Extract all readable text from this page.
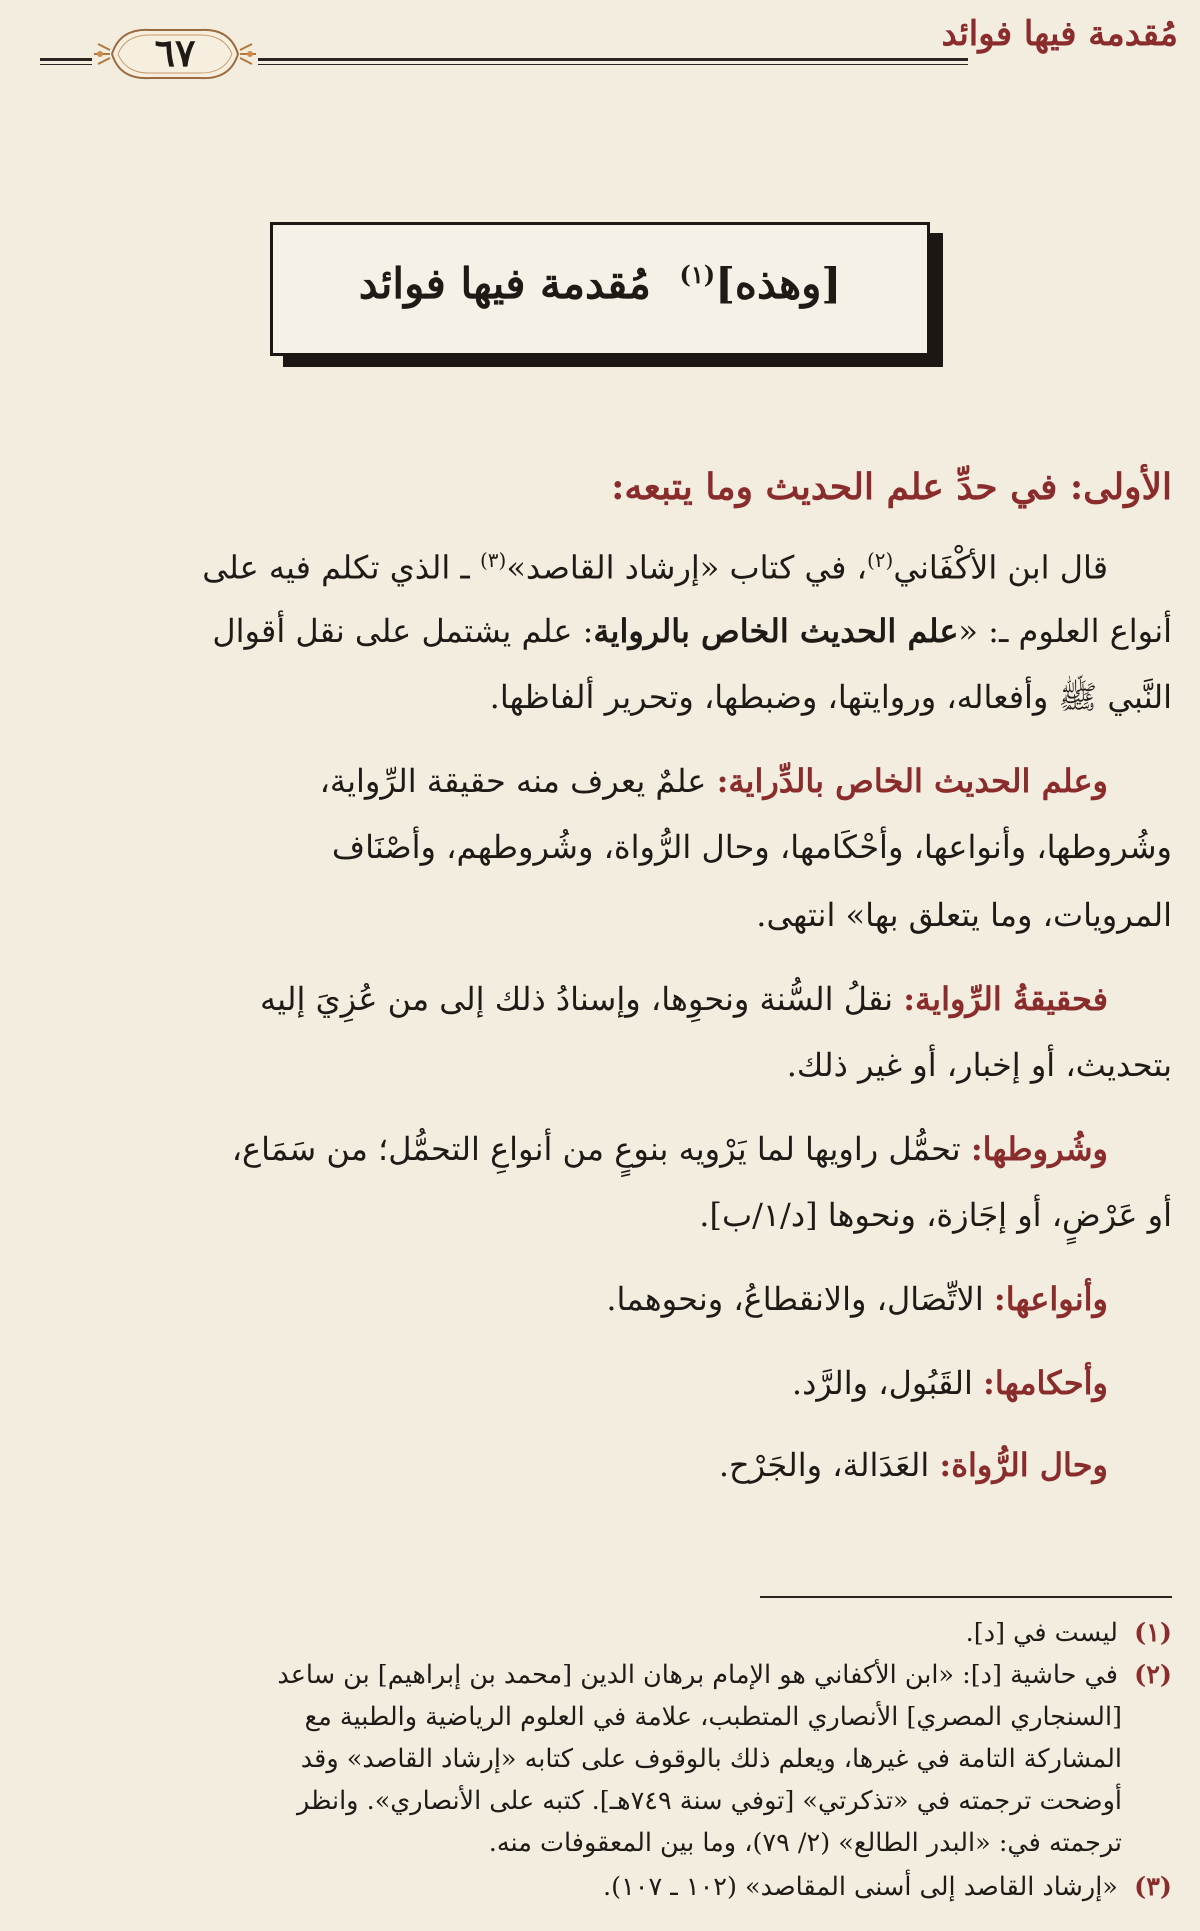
مُقدمة فيها فوائد
٦٧
[وهذه]$^{(١)}$ مُقدمة فيها فوائد
الأولى: في حدِّ علم الحديث وما يتبعه:
قال ابن الأكْفَاني$^{(٢)}$، في كتاب «إرشاد القاصد»$^{(٣)}$ ـ الذي تكلم فيه على
أنواع العلوم ـ: «علم الحديث الخاص بالرواية: علم يشتمل على نقل أقوال
النَّبي ﷺ وأفعاله، وروايتها، وضبطها، وتحرير ألفاظها.
وعلم الحديث الخاص بالدِّراية: علمٌ يعرف منه حقيقة الرِّواية،
وشُروطها، وأنواعها، وأحْكَامها، وحال الرُّواة، وشُروطهم، وأصْنَاف
المرويات، وما يتعلق بها» انتهى.
فحقيقةُ الرِّواية: نقلُ السُّنة ونحوِها، وإسنادُ ذلك إلى من عُزِيَ إليه
بتحديث، أو إخبار، أو غير ذلك.
وشُروطها: تحمُّل راويها لما يَرْويه بنوعٍ من أنواعِ التحمُّل؛ من سَمَاع،
أو عَرْضٍ، أو إجَازة، ونحوها [د/١/ب].
وأنواعها: الاتِّصَال، والانقطاعُ، ونحوهما.
وأحكامها: القَبُول، والرَّد.
وحال الرُّواة: العَدَالة، والجَرْح.
(١)  ليست في [د].
(٢)  في حاشية [د]: «ابن الأكفاني هو الإمام برهان الدين [محمد بن إبراهيم] بن ساعد
[السنجاري المصري] الأنصاري المتطبب، علامة في العلوم الرياضية والطبية مع
المشاركة التامة في غيرها، ويعلم ذلك بالوقوف على كتابه «إرشاد القاصد» وقد
أوضحت ترجمته في «تذكرتي» [توفي سنة ٧٤٩هـ]. كتبه على الأنصاري». وانظر
ترجمته في: «البدر الطالع» (٢/ ٧٩)، وما بين المعقوفات منه.
(٣)  «إرشاد القاصد إلى أسنى المقاصد» (١٠٢ ـ ١٠٧).
